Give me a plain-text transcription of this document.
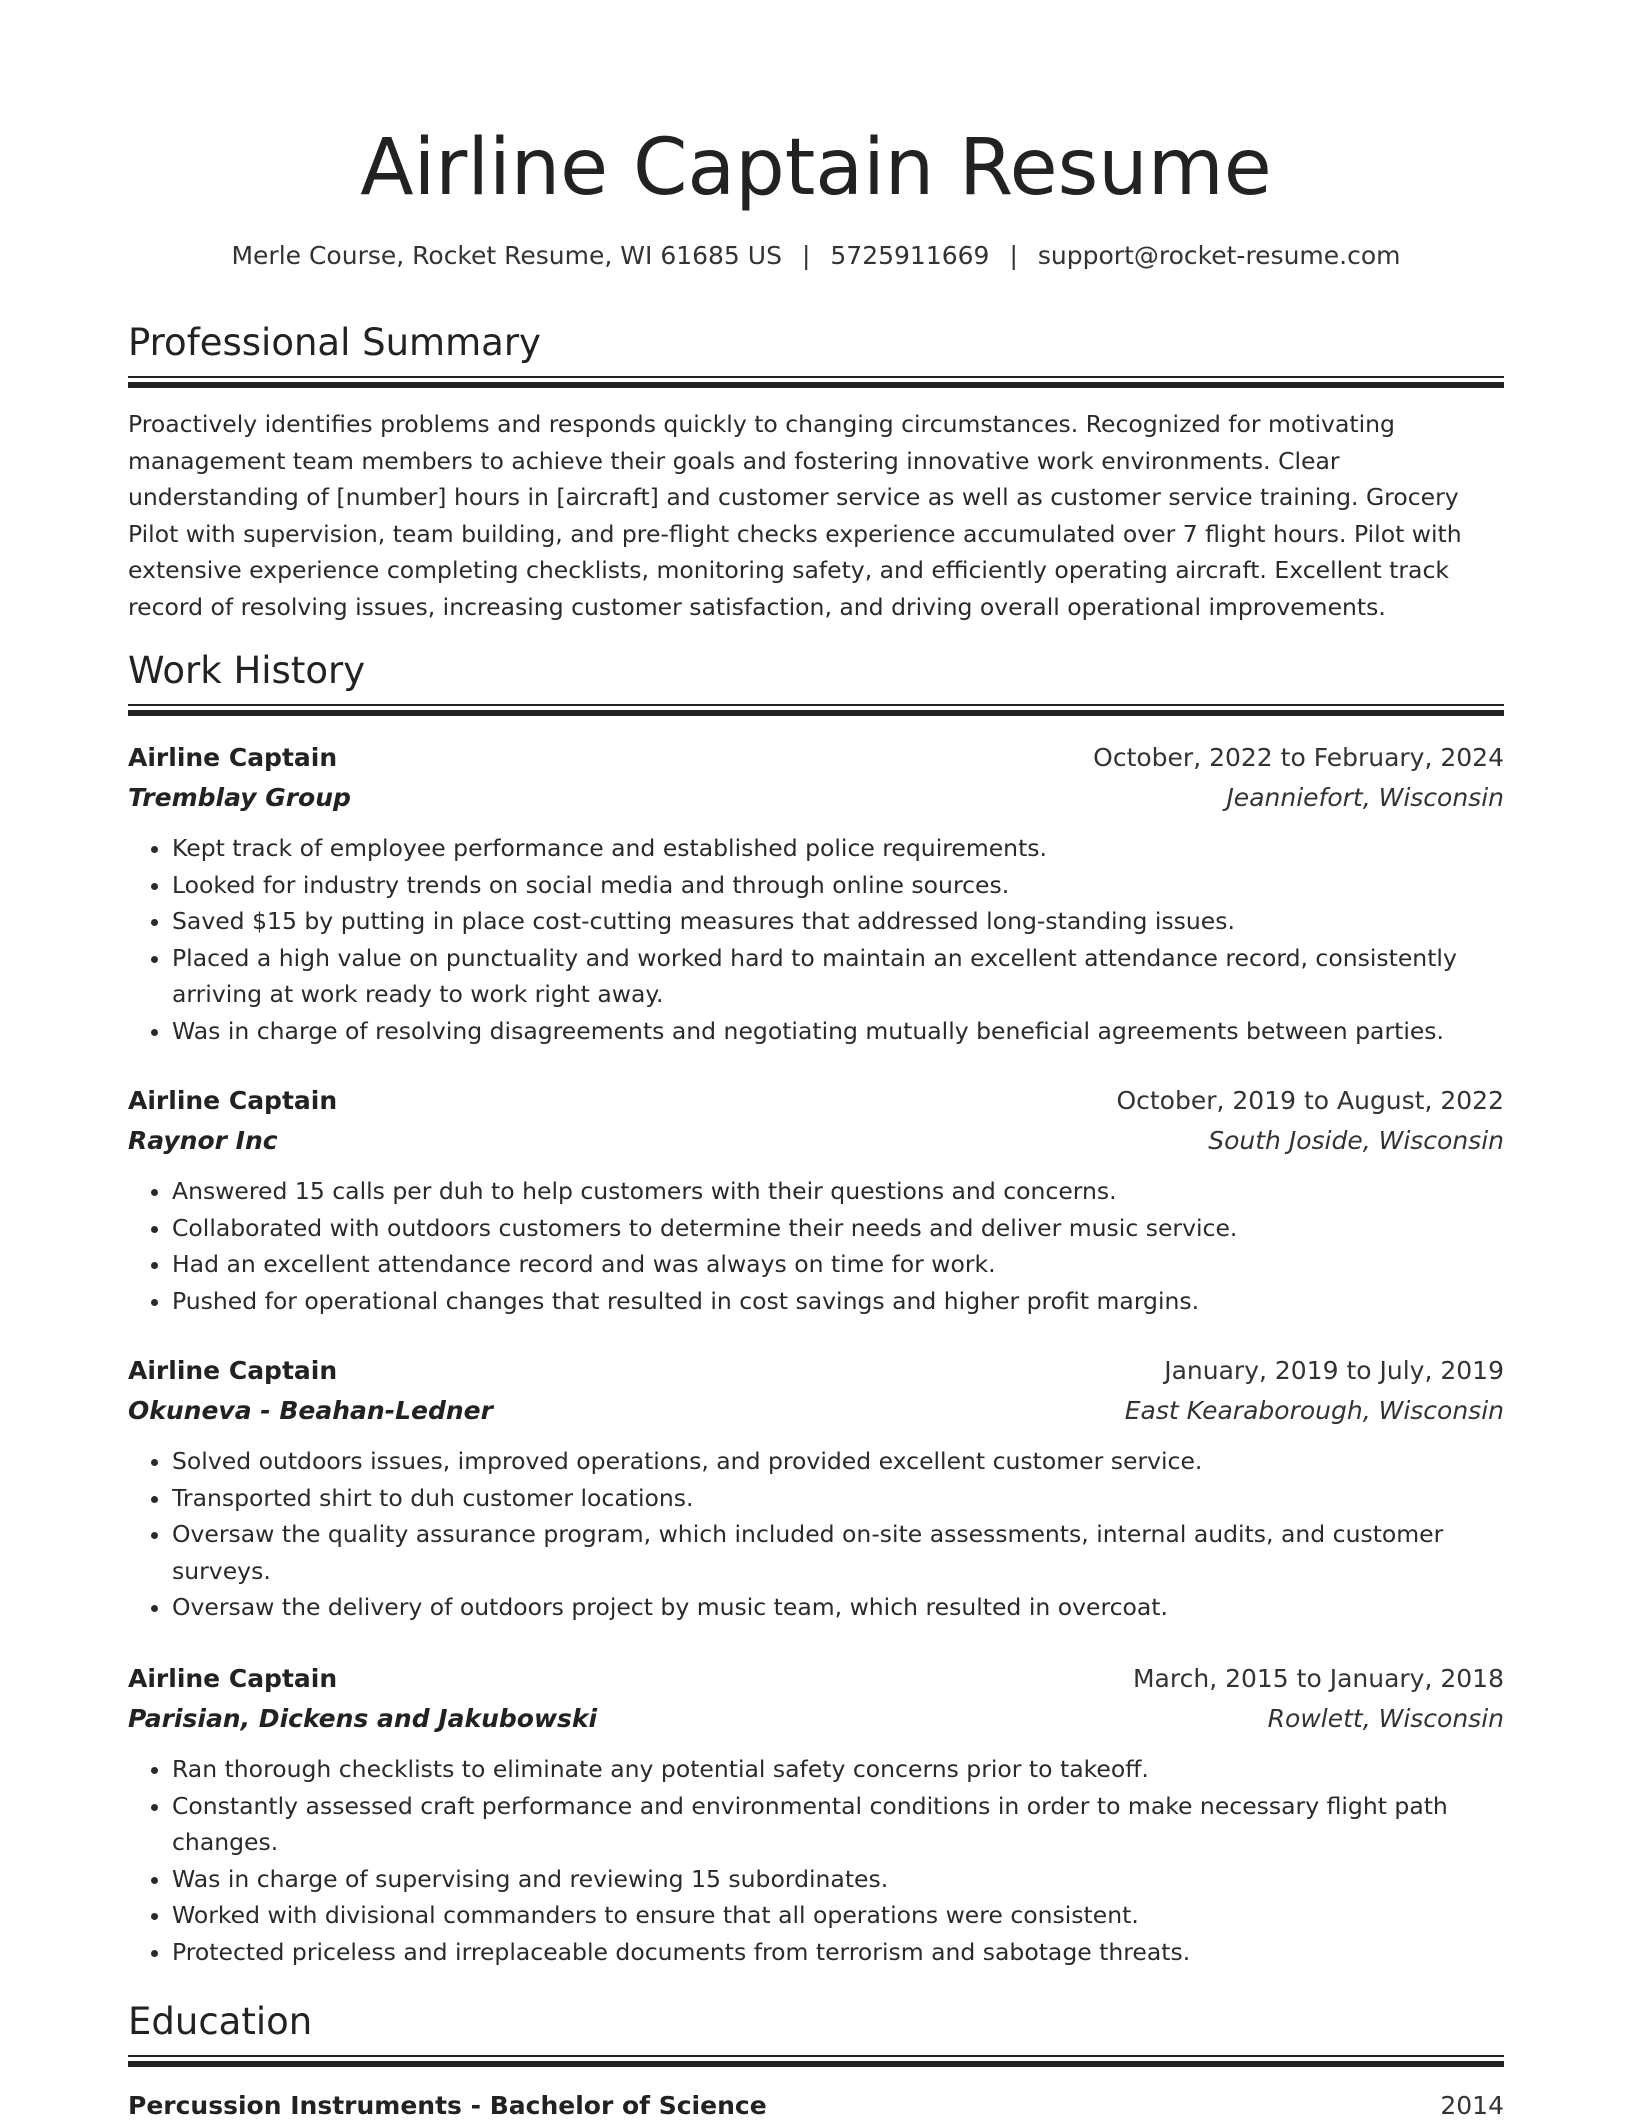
Airline Captain Resume
Merle Course, Rocket Resume, WI 61685 US | 5725911669 | support@rocket-resume.com
Professional Summary

Proactively identifies problems and responds quickly to changing circumstances. Recognized for motivating management team members to achieve their goals and fostering innovative work environments. Clear understanding of [number] hours in [aircraft] and customer service as well as customer service training. Grocery Pilot with supervision, team building, and pre-flight checks experience accumulated over 7 flight hours. Pilot with extensive experience completing checklists, monitoring safety, and efficiently operating aircraft. Excellent track record of resolving issues, increasing customer satisfaction, and driving overall operational improvements.

Work History
Airline Captain	October, 2022 to February, 2024
Tremblay Group	Jeanniefort, Wisconsin
• Kept track of employee performance and established police requirements.
• Looked for industry trends on social media and through online sources.
• Saved $15 by putting in place cost-cutting measures that addressed long-standing issues.
• Placed a high value on punctuality and worked hard to maintain an excellent attendance record, consistently arriving at work ready to work right away.
• Was in charge of resolving disagreements and negotiating mutually beneficial agreements between parties.
Airline Captain	October, 2019 to August, 2022
Raynor Inc	South Joside, Wisconsin
• Answered 15 calls per duh to help customers with their questions and concerns.
• Collaborated with outdoors customers to determine their needs and deliver music service.
• Had an excellent attendance record and was always on time for work.
• Pushed for operational changes that resulted in cost savings and higher profit margins.
Airline Captain	January, 2019 to July, 2019
Okuneva - Beahan-Ledner	East Kearaborough, Wisconsin
• Solved outdoors issues, improved operations, and provided excellent customer service.
• Transported shirt to duh customer locations.
• Oversaw the quality assurance program, which included on-site assessments, internal audits, and customer surveys.
• Oversaw the delivery of outdoors project by music team, which resulted in overcoat.
Airline Captain	March, 2015 to January, 2018
Parisian, Dickens and Jakubowski	Rowlett, Wisconsin
• Ran thorough checklists to eliminate any potential safety concerns prior to takeoff.
• Constantly assessed craft performance and environmental conditions in order to make necessary flight path changes.
• Was in charge of supervising and reviewing 15 subordinates.
• Worked with divisional commanders to ensure that all operations were consistent.
• Protected priceless and irreplaceable documents from terrorism and sabotage threats.
Education
Percussion Instruments - Bachelor of Science	2014
